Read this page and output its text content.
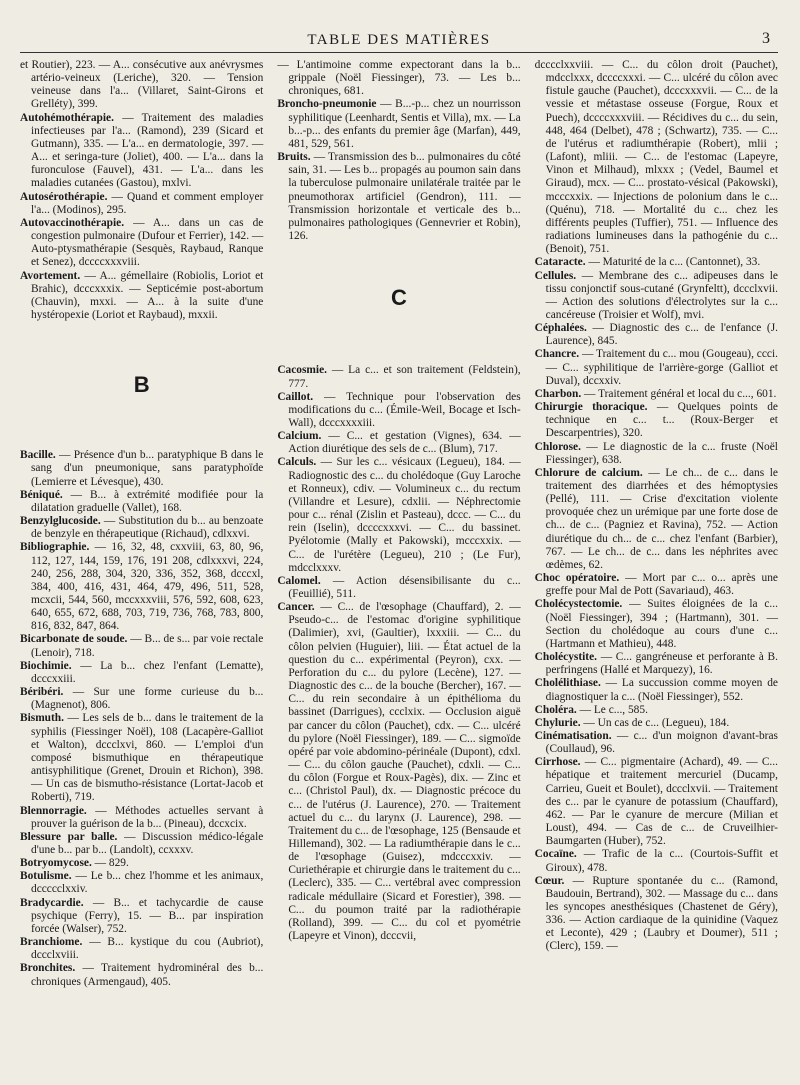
TABLE DES MATIÈRES	3

et Routier), 223. — A... consécutive aux anévrysmes artério-veineux (Leriche), 320. — Tension veineuse dans l'a... (Villaret, Saint-Girons et Grelléty), 399.

Autohémothérapie. — Traitement des maladies infectieuses par l'a... (Ramond), 239 (Sicard et Gutmann), 335. — L'a... en dermatologie, 397. — A... et seringa-ture (Joliet), 400. — L'a... dans la furonculose (Fauvel), 431. — L'a... dans les maladies cutanées (Gastou), mxlvi.

Autosérothérapie. — Quand et comment employer l'a... (Modinos), 295.

Autovaccinothérapie. — A... dans un cas de congestion pulmonaire (Dufour et Ferrier), 142. — Auto-ptysmathérapie (Sesquès, Raybaud, Ranque et Senez), dccccxxxviii.

Avortement. — A... gémellaire (Robiolis, Loriot et Brahic), dcccxxxix. — Septicémie post-abortum (Chauvin), mxxi. — A... à la suite d'une hystéropexie (Loriot et Raybaud), mxxii.

B

Bacille. — Présence d'un b... paratyphique B dans le sang d'un pneumonique, sans paratyphoïde (Lemierre et Lévesque), 430.

Béniqué. — B... à extrémité modifiée pour la dilatation graduelle (Vallet), 168.

Benzylglucoside. — Substitution du b... au benzoate de benzyle en thérapeutique (Richaud), cdlxxvi.

Bibliographie. — 16, 32, 48, cxxviii, 63, 80, 96, 112, 127, 144, 159, 176, 191 208, cdlxxxvi, 224, 240, 256, 288, 304, 320, 336, 352, 368, dcccxl, 384, 400, 416, 431, 464, 479, 496, 511, 528, mcxcii, 544, 560, mccxxxviii, 576, 592, 608, 623, 640, 655, 672, 688, 703, 719, 736, 768, 783, 800, 816, 832, 847, 864.

Bicarbonate de soude. — B... de s... par voie rectale (Lenoir), 718.

Biochimie. — La b... chez l'enfant (Lematte), dcccxxiii.

Béribéri. — Sur une forme curieuse du b... (Magnenot), 806.

Bismuth. — Les sels de b... dans le traitement de la syphilis (Fiessinger Noël), 108 (Lacapère-Galliot et Walton), dccclxvi, 860. — L'emploi d'un composé bismuthique en thérapeutique antisyphilitique (Grenet, Drouin et Richon), 398. — Un cas de bismutho-résistance (Lortat-Jacob et Roberti), 719.

Blennorragie. — Méthodes actuelles servant à prouver la guérison de la b... (Pineau), dccxcix.

Blessure par balle. — Discussion médico-légale d'une b... par b... (Landolt), ccxxxv.

Botryomycose. — 829.

Botulisme. — Le b... chez l'homme et les animaux, dccccclxxiv.

Bradycardie. — B... et tachycardie de cause psychique (Ferry), 15. — B... par inspiration forcée (Walser), 752.

Branchiome. — B... kystique du cou (Aubriot), dccclxviii.

Bronchites. — Traitement hydrominéral des b... chroniques (Armengaud), 405.

— L'antimoine comme expectorant dans la b... grippale (Noël Fiessinger), 73. — Les b... chroniques, 681.

Broncho-pneumonie — B...-p... chez un nourrisson syphilitique (Leenhardt, Sentis et Villa), mx. — La b...-p... des enfants du premier âge (Marfan), 449, 481, 529, 561.

Bruits. — Transmission des b... pulmonaires du côté sain, 31. — Les b... propagés au poumon sain dans la tuberculose pulmonaire unilatérale traitée par le pneumothorax artificiel (Gendron), 111. — Transmission horizontale et verticale des b... pulmonaires pathologiques (Gennevrier et Robin), 126.

C

Cacosmie. — La c... et son traitement (Feldstein), 777.

Caillot. — Technique pour l'observation des modifications du c... (Émile-Weil, Bocage et Isch-Wall), dcccxxxxiii.

Calcium. — C... et gestation (Vignes), 634. — Action diurétique des sels de c... (Blum), 717.

Calculs. — Sur les c... vésicaux (Legueu), 184. — Radiognostic des c... du cholédoque (Guy Laroche et Ronneux), cdiv. — Volumineux c... du rectum (Villandre et Lesure), cdxlii. — Néphrectomie pour c... rénal (Zislin et Pasteau), dccc. — C... du rein (Iselin), dccccxxxvi. — C... du bassinet. Pyélotomie (Mally et Pakowski), mcccxxix. — C... de l'urétère (Legueu), 210 ; (Le Fur), mdcclxxxv.

Calomel. — Action désensibilisante du c... (Feuillié), 511.

Cancer. — C... de l'œsophage (Chauffard), 2. — Pseudo-c... de l'estomac d'origine syphilitique (Dalimier), xvi, (Gaultier), lxxxiii. — C... du côlon pelvien (Huguier), liii. — État actuel de la question du c... expérimental (Peyron), cxx. — Perforation du c... du pylore (Lecène), 127. — Diagnostic des c... de la bouche (Bercher), 167. — C... du rein secondaire à un épithélioma du bassinet (Darrigues), ccclxix. — Occlusion aiguë par cancer du côlon (Pauchet), cdx. — C... ulcéré du pylore (Noël Fiessinger), 189. — C... sigmoïde opéré par voie abdomino-périnéale (Dupont), cdxl. — C... du côlon gauche (Pauchet), cdxli. — C... du côlon (Forgue et Roux-Pagès), dix. — Zinc et c... (Christol Paul), dx. — Diagnostic précoce du c... de l'utérus (J. Laurence), 270. — Traitement actuel du c... du larynx (J. Laurence), 298. — Traitement du c... de l'œsophage, 125 (Bensaude et Hillemand), 302. — La radiumthérapie dans le c... de l'œsophage (Guisez), mdcccxxiv. — Curiethérapie et chirurgie dans le traitement du c... (Leclerc), 335. — C... vertébral avec compression radicale médullaire (Sicard et Forestier), 398. — C... du poumon traité par la radiothérapie (Rolland), 399. — C... du col et pyométrie (Lapeyre et Vinon), dcccvii,

dcccclxxviii. — C... du côlon droit (Pauchet), mdcclxxx, dccccxxxi. — C... ulcéré du côlon avec fistule gauche (Pauchet), dcccxxxvii. — C... de la vessie et métastase osseuse (Forgue, Roux et Puech), dccccxxxviii. — Récidives du c... du sein, 448, 464 (Delbet), 478 ; (Schwartz), 735. — C... de l'utérus et radiumthérapie (Robert), mlii ; (Lafont), mliii. — C... de l'estomac (Lapeyre, Vinon et Milhaud), mlxxx ; (Vedel, Baumel et Giraud), mcx. — C... prostato-vésical (Pakowski), mcccxxix. — Injections de polonium dans le c... (Quénu), 718. — Mortalité du c... chez les différents peuples (Tuffier), 751. — Influence des radiations lumineuses dans la pathogénie du c... (Benoit), 751.

Cataracte. — Maturité de la c... (Cantonnet), 33.

Cellules. — Membrane des c... adipeuses dans le tissu conjonctif sous-cutané (Grynfeltt), dccclxvii. — Action des solutions d'électrolytes sur la c... cancéreuse (Troisier et Wolf), mvi.

Céphalées. — Diagnostic des c... de l'enfance (J. Laurence), 845.

Chancre. — Traitement du c... mou (Gougeau), ccci. — C... syphilitique de l'arrière-gorge (Galliot et Duval), dccxxiv.

Charbon. — Traitement général et local du c..., 601.

Chirurgie thoracique. — Quelques points de technique en c... t... (Roux-Berger et Descarpentries), 320.

Chlorose. — Le diagnostic de la c... fruste (Noël Fiessinger), 638.

Chlorure de calcium. — Le ch... de c... dans le traitement des diarrhées et des hémoptysies (Pellé), 111. — Crise d'excitation violente provoquée chez un urémique par une forte dose de ch... de c... (Pagniez et Ravina), 752. — Action diurétique du ch... de c... chez l'enfant (Barbier), 767. — Le ch... de c... dans les néphrites avec œdèmes, 62.

Choc opératoire. — Mort par c... o... après une greffe pour Mal de Pott (Savariaud), 463.

Cholécystectomie. — Suites éloignées de la c... (Noël Fiessinger), 394 ; (Hartmann), 301. — Section du cholédoque au cours d'une c... (Hartmann et Mathieu), 448.

Cholécystite. — C... gangréneuse et perforante à B. perfringens (Hallé et Marquezy), 16.

Cholélithiase. — La succussion comme moyen de diagnostiquer la c... (Noël Fiessinger), 552.

Choléra. — Le c..., 585.

Chylurie. — Un cas de c... (Legueu), 184.

Cinématisation. — c... d'un moignon d'avant-bras (Coullaud), 96.

Cirrhose. — C... pigmentaire (Achard), 49. — C... hépatique et traitement mercuriel (Ducamp, Carrieu, Gueit et Boulet), dccclxvii. — Traitement des c... par le cyanure de potassium (Chauffard), 462. — Par le cyanure de mercure (Milian et Loust), 494. — Cas de c... de Cruveilhier-Baumgarten (Huber), 752.

Cocaïne. — Trafic de la c... (Courtois-Suffit et Giroux), 478.

Cœur. — Rupture spontanée du c... (Ramond, Baudouin, Bertrand), 302. — Massage du c... dans les syncopes anesthésiques (Chastenet de Géry), 336. — Action cardiaque de la quinidine (Vaquez et Leconte), 429 ; (Laubry et Doumer), 511 ; (Clerc), 159. —
